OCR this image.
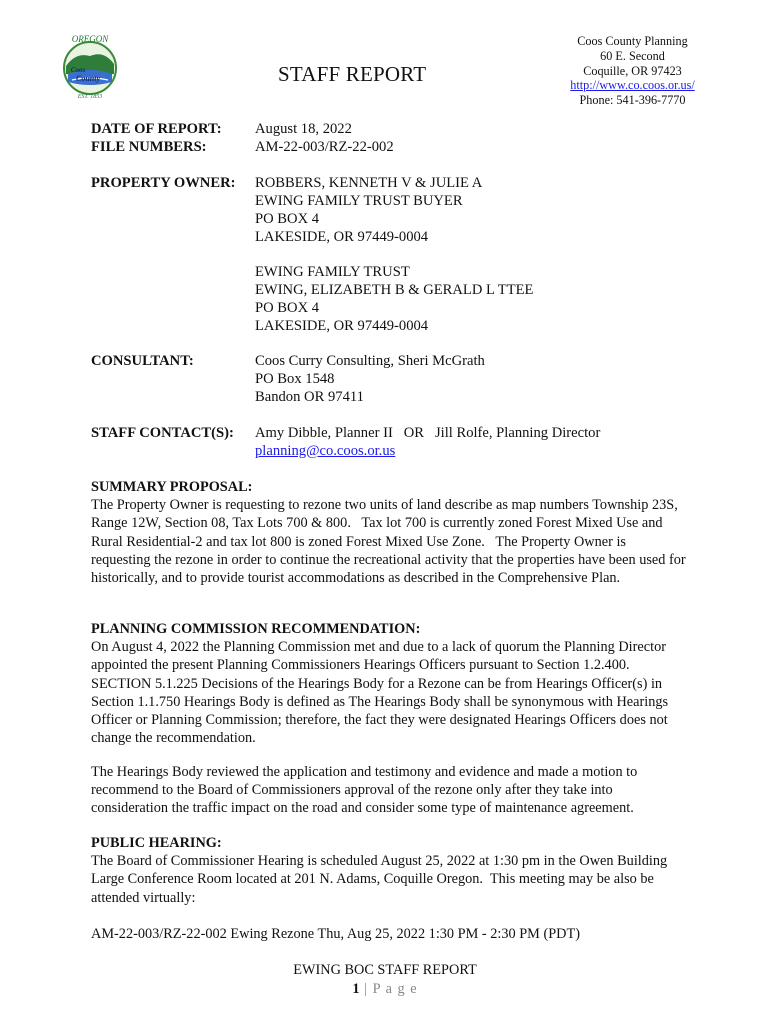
OREGON
Coos
County
EST. 1853
STAFF REPORT
Coos County Planning
60 E. Second
Coquille, OR 97423
http://www.co.coos.or.us/
Phone: 541-396-7770
DATE OF REPORT: August 18, 2022
FILE NUMBERS:	AM-22-003/RZ-22-002
PROPERTY OWNER: ROBBERS, KENNETH V & JULIE A
EWING FAMILY TRUST BUYER
PO BOX 4
LAKESIDE, OR 97449-0004
EWING FAMILY TRUST
EWING, ELIZABETH B & GERALD L TTEE
PO BOX 4
LAKESIDE, OR 97449-0004
CONSULTANT:	Coos Curry Consulting, Sheri McGrath
PO Box 1548
Bandon OR 97411
STAFF CONTACT(S): Amy Dibble, Planner II   OR   Jill Rolfe, Planning Director
planning@co.coos.or.us
SUMMARY PROPOSAL:

The Property Owner is requesting to rezone two units of land describe as map numbers Township 23S, Range 12W, Section 08, Tax Lots 700 & 800.   Tax lot 700 is currently zoned Forest Mixed Use and Rural Residential-2 and tax lot 800 is zoned Forest Mixed Use Zone.   The Property Owner is requesting the rezone in order to continue the recreational activity that the properties have been used for historically, and to provide tourist accommodations as described in the Comprehensive Plan.

PLANNING COMMISSION RECOMMENDATION:

On August 4, 2022 the Planning Commission met and due to a lack of quorum the Planning Director appointed the present Planning Commissioners Hearings Officers pursuant to Section 1.2.400.  SECTION 5.1.225 Decisions of the Hearings Body for a Rezone can be from Hearings Officer(s) in Section 1.1.750 Hearings Body is defined as The Hearings Body shall be synonymous with Hearings Officer or Planning Commission; therefore, the fact they were designated Hearings Officers does not change the recommendation.

The Hearings Body reviewed the application and testimony and evidence and made a motion to recommend to the Board of Commissioners approval of the rezone only after they take into consideration the traffic impact on the road and consider some type of maintenance agreement.

PUBLIC HEARING:

The Board of Commissioner Hearing is scheduled August 25, 2022 at 1:30 pm in the Owen Building Large Conference Room located at 201 N. Adams, Coquille Oregon.  This meeting may be also be attended virtually:

AM-22-003/RZ-22-002 Ewing Rezone Thu, Aug 25, 2022 1:30 PM - 2:30 PM (PDT)

EWING BOC STAFF REPORT
1 | P a g e
